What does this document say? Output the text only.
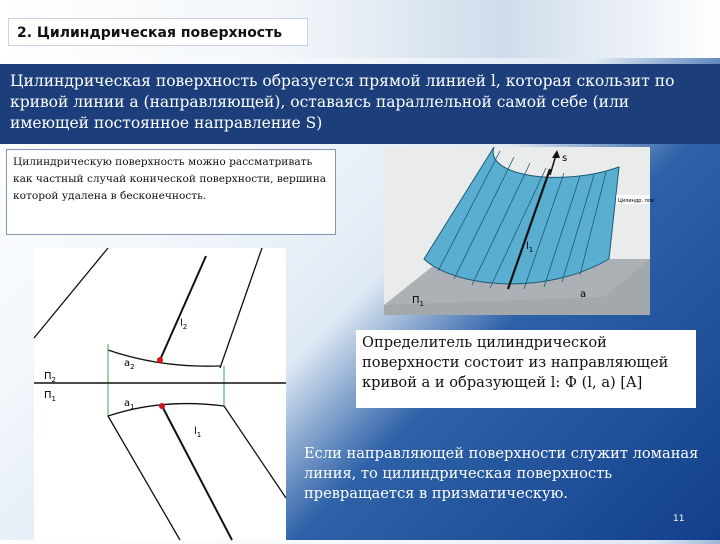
2. Цилиндрическая поверхность
Цилиндрическая поверхность образуется прямой линией l, которая скользит по кривой линии a (направляющей), оставаясь параллельной самой себе (или имеющей постоянное направление S)
Цилиндрическую поверхность можно рассматривать как частный случай конической поверхности, вершина которой удалена в бесконечность.
s
$l_1$
a
$П_1$
Цилиндр. пов
$l_2$
$a_2$
$П_2$
$П_1$	$a_1$
$l_1$
Определитель цилиндрической поверхности состоит из направляющей кривой a и образующей l: Ф (l, a) [A]
Если направляющей поверхности служит ломаная линия, то цилиндрическая поверхность превращается в призматическую.
11
